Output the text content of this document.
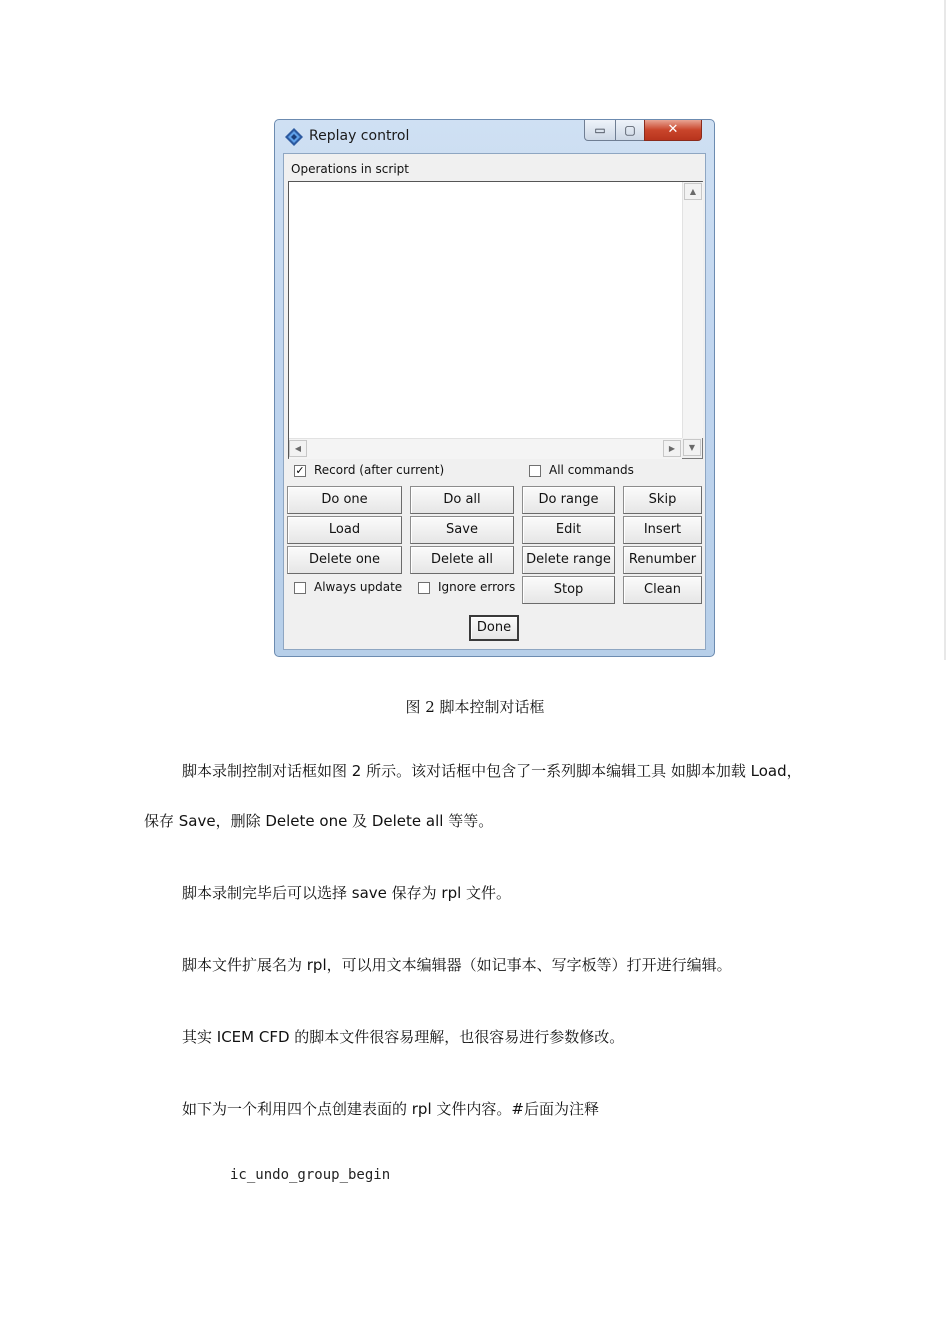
Replay control	▭	▢	✕
Operations in script
▲
◀	▶	▼
✓ Record (after current)	All commands
Do one	Do all	Do range	Skip
Load	Save	Edit	Insert
Delete one	Delete all	Delete range	Renumber
Always update	Ignore errors	Stop	Clean
Done
图 2 脚本控制对话框
脚本录制控制对话框如图 2 所示。该对话框中包含了一系列脚本编辑工具 如脚本加载 Load，
保存 Save，删除 Delete one 及 Delete all 等等。
脚本录制完毕后可以选择 save 保存为 rpl 文件。
脚本文件扩展名为 rpl，可以用文本编辑器（如记事本、写字板等）打开进行编辑。
其实 ICEM CFD 的脚本文件很容易理解，也很容易进行参数修改。
如下为一个利用四个点创建表面的 rpl 文件内容。#后面为注释
ic_undo_group_begin
